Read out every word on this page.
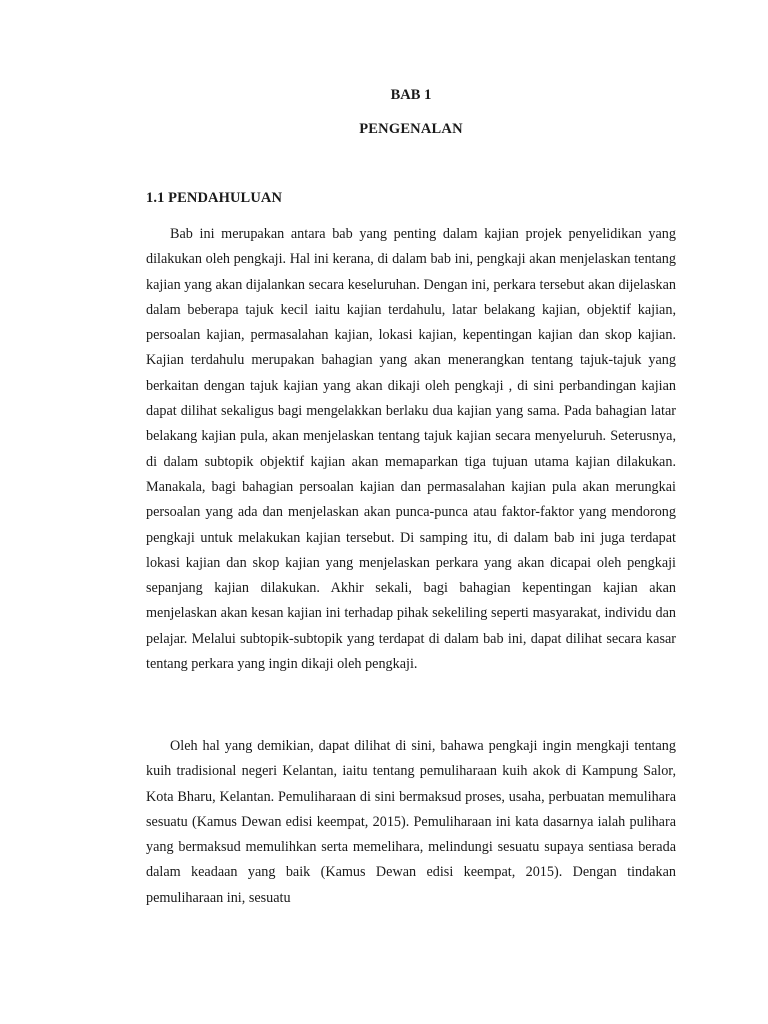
BAB 1
PENGENALAN
1.1 PENDAHULUAN

Bab ini merupakan antara bab yang penting dalam kajian projek penyelidikan yang dilakukan oleh pengkaji. Hal ini kerana, di dalam bab ini, pengkaji akan menjelaskan tentang kajian yang akan dijalankan secara keseluruhan. Dengan ini, perkara tersebut akan dijelaskan dalam beberapa tajuk kecil iaitu kajian terdahulu, latar belakang kajian, objektif kajian, persoalan kajian, permasalahan kajian, lokasi kajian, kepentingan kajian dan skop kajian. Kajian terdahulu merupakan bahagian yang akan menerangkan tentang tajuk-tajuk yang berkaitan dengan tajuk kajian yang akan dikaji oleh pengkaji , di sini perbandingan kajian dapat dilihat sekaligus bagi mengelakkan berlaku dua kajian yang sama. Pada bahagian latar belakang kajian pula, akan menjelaskan tentang tajuk kajian secara menyeluruh. Seterusnya, di dalam subtopik objektif kajian akan memaparkan tiga tujuan utama kajian dilakukan. Manakala, bagi bahagian persoalan kajian dan permasalahan kajian pula akan merungkai persoalan yang ada dan menjelaskan akan punca-punca atau faktor-faktor yang mendorong pengkaji untuk melakukan kajian tersebut. Di samping itu, di dalam bab ini juga terdapat lokasi kajian dan skop kajian yang menjelaskan perkara yang akan dicapai oleh pengkaji sepanjang kajian dilakukan. Akhir sekali, bagi bahagian kepentingan kajian akan menjelaskan akan kesan kajian ini terhadap pihak sekeliling seperti masyarakat, individu dan pelajar. Melalui subtopik-subtopik yang terdapat di dalam bab ini, dapat dilihat secara kasar tentang perkara yang ingin dikaji oleh pengkaji.

Oleh hal yang demikian, dapat dilihat di sini, bahawa pengkaji ingin mengkaji tentang kuih tradisional negeri Kelantan, iaitu tentang pemuliharaan kuih akok di Kampung Salor, Kota Bharu, Kelantan. Pemuliharaan di sini bermaksud proses, usaha, perbuatan memulihara sesuatu (Kamus Dewan edisi keempat, 2015). Pemuliharaan ini kata dasarnya ialah pulihara yang bermaksud memulihkan serta memelihara, melindungi sesuatu supaya sentiasa berada dalam keadaan yang baik (Kamus Dewan edisi keempat, 2015). Dengan tindakan pemuliharaan ini, sesuatu
